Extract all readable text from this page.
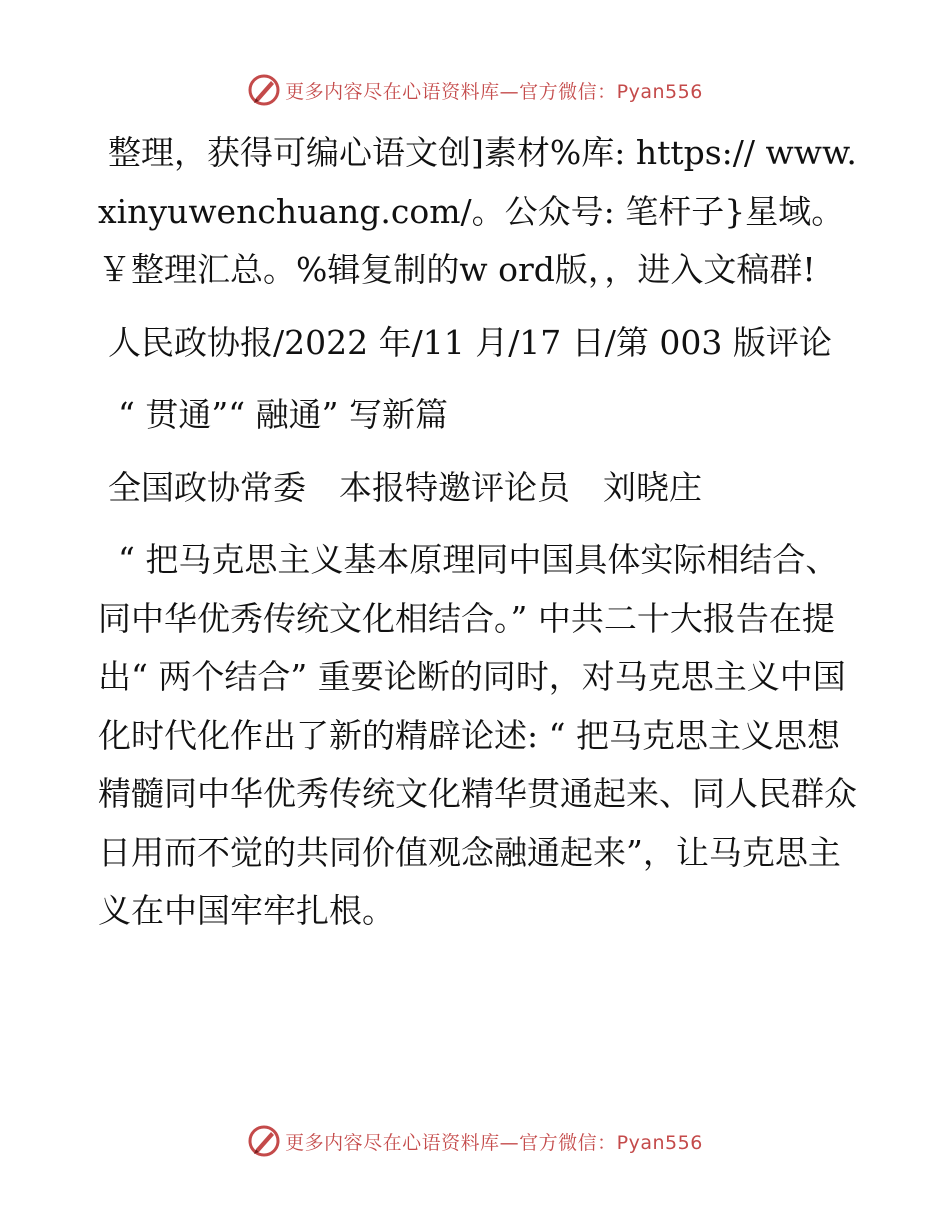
更多内容尽在心语资料库—官方微信：Pyan556

整理，获得可编心语文创]素材%库: https:// www.xinyuwenchuang.com/。公众号: 笔杆子}星域。￥整理汇总。%辑复制的w ord版，，进入文稿群!

人民政协报/2022 年/11 月/17 日/第 003 版评论

“ 贯通”“ 融通” 写新篇

全国政协常委　本报特邀评论员　刘晓庄

“ 把马克思主义基本原理同中国具体实际相结合、同中华优秀传统文化相结合。” 中共二十大报告在提出“ 两个结合” 重要论断的同时，对马克思主义中国化时代化作出了新的精辟论述: “ 把马克思主义思想精髓同中华优秀传统文化精华贯通起来、同人民群众日用而不觉的共同价值观念融通起来”，让马克思主义在中国牢牢扎根。

更多内容尽在心语资料库—官方微信：Pyan556
